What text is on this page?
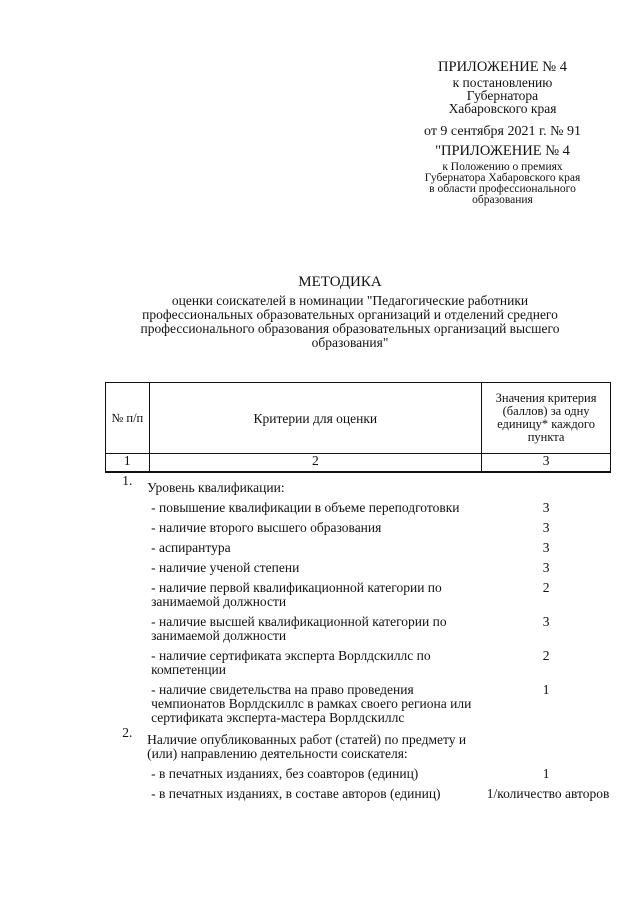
ПРИЛОЖЕНИЕ № 4
к постановлению
Губернатора
Хабаровского края
от 9 сентября 2021 г. № 91
"ПРИЛОЖЕНИЕ № 4
к Положению о премиях
Губернатора Хабаровского края
в области профессионального
образования
МЕТОДИКА
оценки соискателей в номинации "Педагогические работники профессиональных образовательных организаций и отделений среднего профессионального образования образовательных организаций высшего образования"
№ п/п	Критерии для оценки	Значения критерия (баллов) за одну единицу* каждого пункта
1	2	3
1.	Уровень квалификации:	
	- повышение квалификации в объеме переподготовки	3
	- наличие второго высшего образования	3
	- аспирантура	3
	- наличие ученой степени	3
	- наличие первой квалификационной категории по занимаемой должности	2
	- наличие высшей квалификационной категории по занимаемой должности	3
	- наличие сертификата эксперта Ворлдскиллс по компетенции	2
	- наличие свидетельства на право проведения чемпионатов Ворлдскиллс в рамках своего региона или сертификата эксперта-мастера Ворлдскиллс	1
2.	Наличие опубликованных работ (статей) по предмету и (или) направлению деятельности соискателя:	
	- в печатных изданиях, без соавторов (единиц)	1
	- в печатных изданиях, в составе авторов (единиц)	1/количество авторов
